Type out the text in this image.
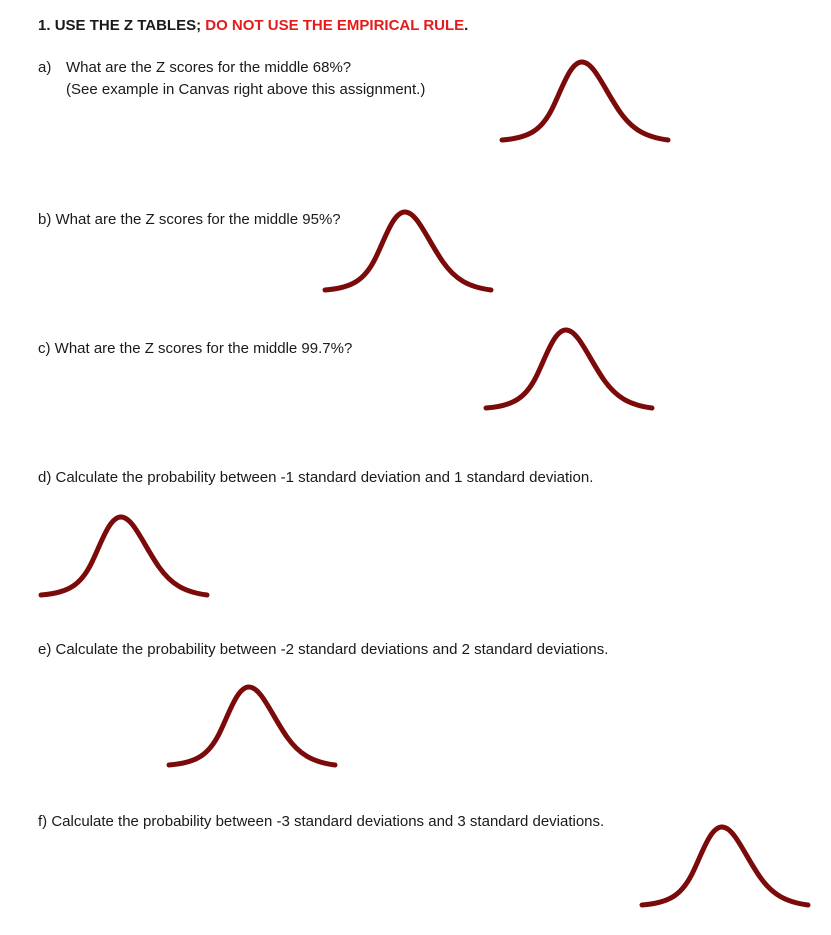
1. USE THE Z TABLES; DO NOT USE THE EMPIRICAL RULE.
a) What are the Z scores for the middle 68%?
(See example in Canvas right above this assignment.)
b) What are the Z scores for the middle 95%?
c) What are the Z scores for the middle 99.7%?
d) Calculate the probability between -1 standard deviation and 1 standard deviation.
e) Calculate the probability between -2 standard deviations and 2 standard deviations.
f) Calculate the probability between -3 standard deviations and 3 standard deviations.
